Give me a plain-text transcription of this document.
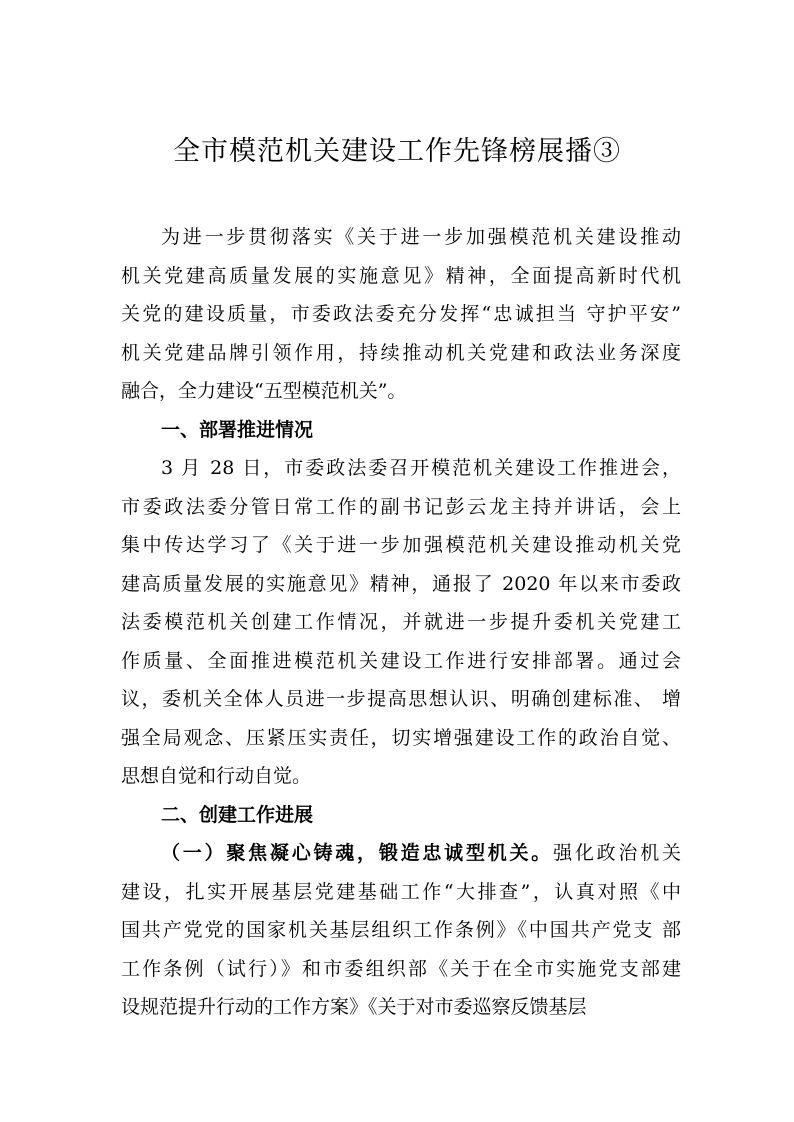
全市模范机关建设工作先锋榜展播③
为进一步贯彻落实《关于进一步加强模范机关建设推动
机关党建高质量发展的实施意见》精神，全面提高新时代机
关党的建设质量，市委政法委充分发挥“忠诚担当 守护平安”
机关党建品牌引领作用，持续推动机关党建和政法业务深度
融合，全力建设“五型模范机关”。
一、部署推进情况
3 月 28 日，市委政法委召开模范机关建设工作推进会，
市委政法委分管日常工作的副书记彭云龙主持并讲话，会上
集中传达学习了《关于进一步加强模范机关建设推动机关党
建高质量发展的实施意见》精神，通报了 2020 年以来市委政
法委模范机关创建工作情况，并就进一步提升委机关党建工
作质量、全面推进模范机关建设工作进行安排部署。通过会
议，委机关全体人员进一步提高思想认识、明确创建标准、 增
强全局观念、压紧压实责任，切实增强建设工作的政治自觉、
思想自觉和行动自觉。
二、创建工作进展
（一）聚焦凝心铸魂，锻造忠诚型机关。强化政治机关
建设，扎实开展基层党建基础工作“大排查”，认真对照《中
国共产党党的国家机关基层组织工作条例》《中国共产党支 部
工作条例（试行）》和市委组织部《关于在全市实施党支部建
设规范提升行动的工作方案》《关于对市委巡察反馈基层
